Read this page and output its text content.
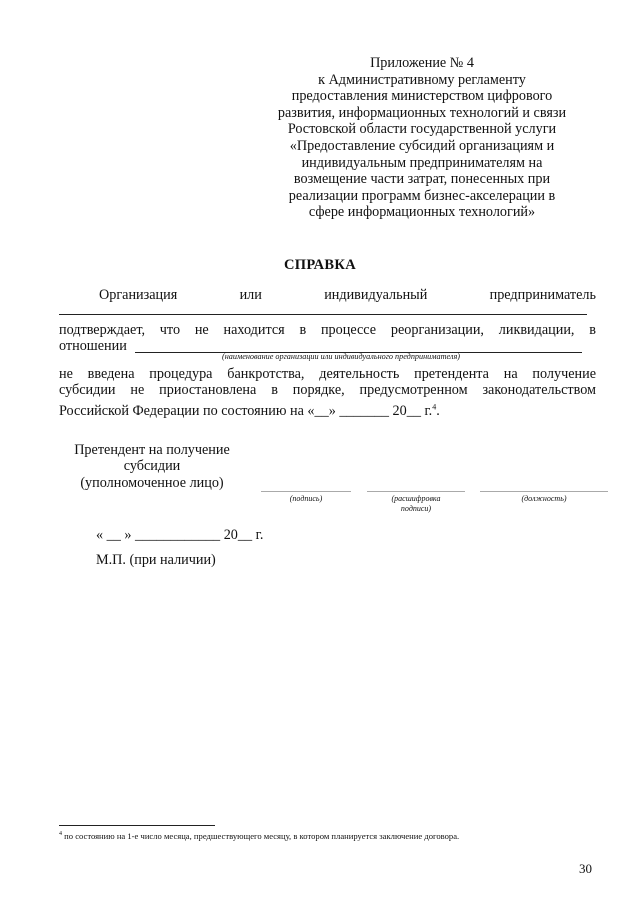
Приложение № 4
к Административному регламенту
предоставления министерством цифрового
развития, информационных технологий и связи
Ростовской области государственной услуги
«Предоставление субсидий организациям и
индивидуальным предпринимателям на
возмещение части затрат, понесенных при
реализации программ бизнес-акселерации в
сфере информационных технологий»
СПРАВКА
Организация	или	индивидуальный	предприниматель
подтверждает, что не находится в процессе реорганизации, ликвидации, в
отношении
(наименование организации или индивидуального предпринимателя)
не введена процедура банкротства, деятельность претендента на получение
субсидии не приостановлена в порядке, предусмотренном законодательством
Российской Федерации по состоянию на «__» _______ 20__ г.$^4$.
Претендент на получение
субсидии
(уполномоченное лицо)
(подпись)	(расшифровка
подписи)
(должность)
« __ » ____________ 20__ г.
М.П. (при наличии)
$^4$ по состоянию на 1-е число месяца, предшествующего месяцу, в котором планируется заключение договора.
30
